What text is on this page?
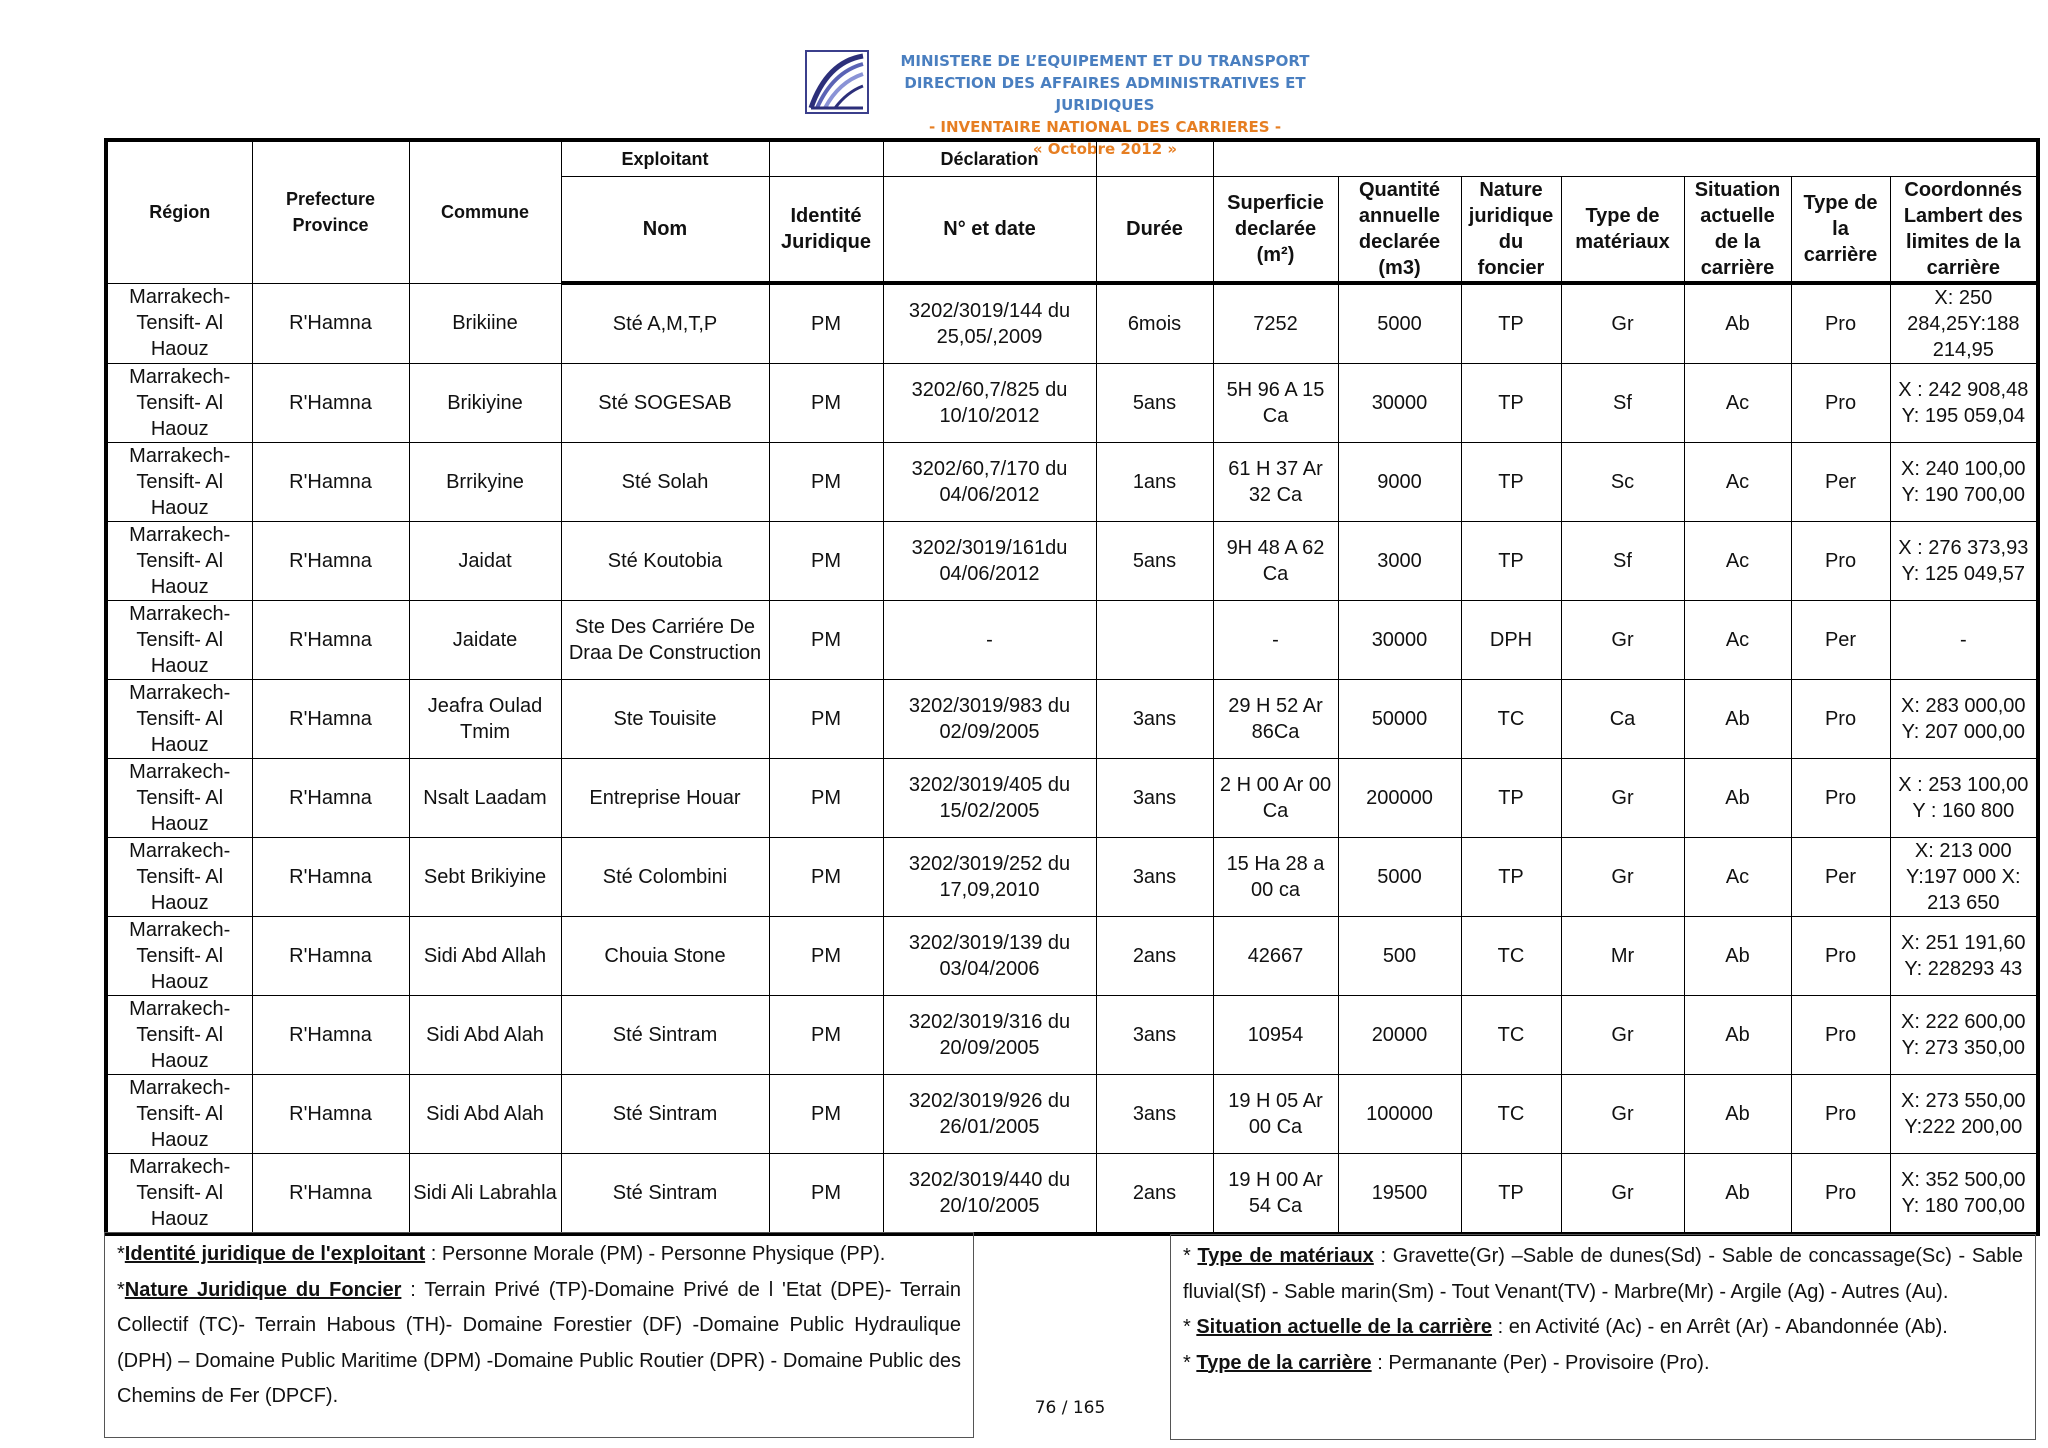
MINISTERE DE L’EQUIPEMENT ET DU TRANSPORT
DIRECTION DES AFFAIRES ADMINISTRATIVES ET JURIDIQUES
- INVENTAIRE NATIONAL DES CARRIERES -
« Octobre 2012 »
Région	Prefecture Province	Commune	Exploitant		Déclaration								
			Nom	Identité Juridique	N° et date	Durée	Superficie declarée (m²)	Quantité annuelle declarée (m3)	Nature juridique du foncier	Type de matériaux	Situation actuelle de la carrière	Type de la carrière	Coordonnés Lambert des limites de la carrière
Marrakech-Tensift- Al Haouz	R'Hamna	Brikiine	Sté A,M,T,P	PM	3202/3019/144 du 25,05/,2009	6mois	7252	5000	TP	Gr	Ab	Pro	X: 250 284,25Y:188 214,95
Marrakech-Tensift- Al Haouz	R'Hamna	Brikiyine	Sté SOGESAB	PM	3202/60,7/825 du 10/10/2012	5ans	5H 96 A 15 Ca	30000	TP	Sf	Ac	Pro	X : 242 908,48 Y: 195 059,04
Marrakech-Tensift- Al Haouz	R'Hamna	Brrikyine	Sté Solah	PM	3202/60,7/170 du 04/06/2012	1ans	61 H 37 Ar 32 Ca	9000	TP	Sc	Ac	Per	X: 240 100,00 Y: 190 700,00
Marrakech-Tensift- Al Haouz	R'Hamna	Jaidat	Sté Koutobia	PM	3202/3019/161du 04/06/2012	5ans	9H 48 A 62 Ca	3000	TP	Sf	Ac	Pro	X : 276 373,93 Y: 125 049,57
Marrakech-Tensift- Al Haouz	R'Hamna	Jaidate	Ste Des Carriére De Draa De Construction	PM	-		-	30000	DPH	Gr	Ac	Per	-
Marrakech-Tensift- Al Haouz	R'Hamna	Jeafra Oulad Tmim	Ste Touisite	PM	3202/3019/983 du 02/09/2005	3ans	29 H 52 Ar 86Ca	50000	TC	Ca	Ab	Pro	X: 283 000,00 Y: 207 000,00
Marrakech-Tensift- Al Haouz	R'Hamna	Nsalt Laadam	Entreprise Houar	PM	3202/3019/405 du 15/02/2005	3ans	2 H 00 Ar 00 Ca	200000	TP	Gr	Ab	Pro	X : 253 100,00 Y : 160 800
Marrakech-Tensift- Al Haouz	R'Hamna	Sebt Brikiyine	Sté Colombini	PM	3202/3019/252 du 17,09,2010	3ans	15 Ha 28 a 00 ca	5000	TP	Gr	Ac	Per	X: 213 000 Y:197 000 X: 213 650
Marrakech-Tensift- Al Haouz	R'Hamna	Sidi Abd Allah	Chouia Stone	PM	3202/3019/139 du 03/04/2006	2ans	42667	500	TC	Mr	Ab	Pro	X: 251 191,60 Y: 228293 43
Marrakech-Tensift- Al Haouz	R'Hamna	Sidi Abd Alah	Sté Sintram	PM	3202/3019/316 du 20/09/2005	3ans	10954	20000	TC	Gr	Ab	Pro	X: 222 600,00 Y: 273 350,00
Marrakech-Tensift- Al Haouz	R'Hamna	Sidi Abd Alah	Sté Sintram	PM	3202/3019/926 du 26/01/2005	3ans	19 H 05 Ar 00 Ca	100000	TC	Gr	Ab	Pro	X: 273 550,00 Y:222 200,00
Marrakech-Tensift- Al Haouz	R'Hamna	Sidi Ali Labrahla	Sté Sintram	PM	3202/3019/440 du 20/10/2005	2ans	19 H 00 Ar 54 Ca	19500	TP	Gr	Ab	Pro	X: 352 500,00 Y: 180 700,00
*Identité juridique de l'exploitant : Personne Morale (PM) - Personne Physique (PP).
*Nature Juridique du Foncier : Terrain Privé (TP)-Domaine Privé de l 'Etat (DPE)- Terrain Collectif (TC)- Terrain Habous (TH)- Domaine Forestier (DF) -Domaine Public Hydraulique (DPH) – Domaine Public Maritime (DPM) -Domaine Public Routier (DPR) - Domaine Public des Chemins de Fer (DPCF).
* Type de matériaux : Gravette(Gr) –Sable de dunes(Sd) - Sable de concassage(Sc) - Sable fluvial(Sf) - Sable marin(Sm) - Tout Venant(TV) - Marbre(Mr) - Argile (Ag) - Autres (Au).
* Situation actuelle de la carrière : en Activité (Ac) - en Arrêt (Ar) - Abandonnée (Ab).
* Type de la carrière : Permanante (Per) - Provisoire (Pro).
76 / 165
